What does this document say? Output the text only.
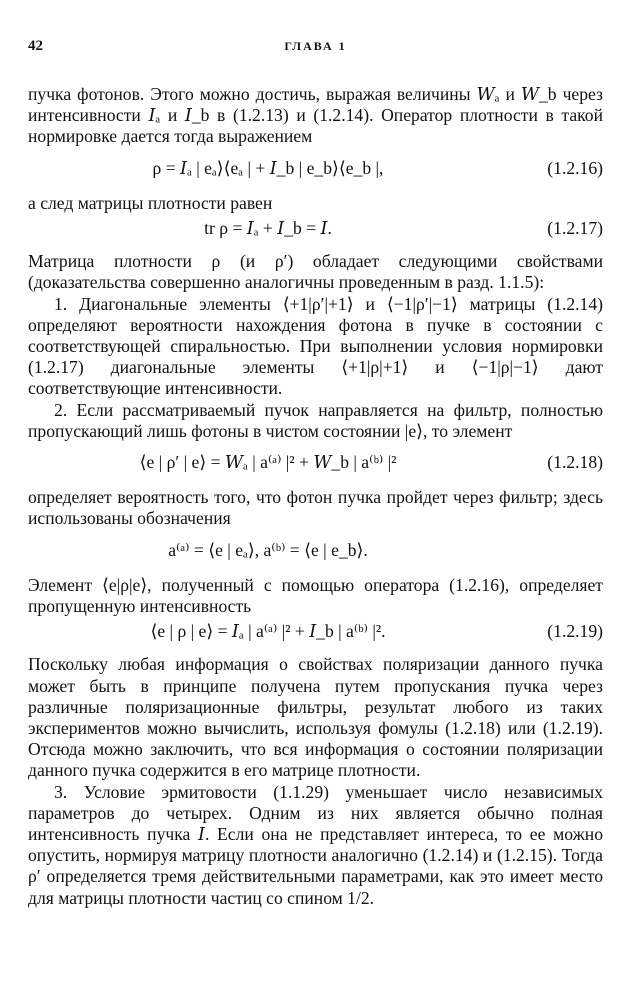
42	ГЛАВА 1

пучка фотонов. Этого можно достичь, выражая величины 𝑊ₐ и 𝑊_b через интенсивности 𝐼ₐ и 𝐼_b в (1.2.13) и (1.2.14). Оператор плотности в такой нормировке дается тогда выражением

ρ = 𝐼ₐ | eₐ⟩⟨eₐ | + 𝐼_b | e_b⟩⟨e_b |,	(1.2.16)

а след матрицы плотности равен

tr ρ = 𝐼ₐ + 𝐼_b = 𝐼.	(1.2.17)

Матрица плотности ρ (и ρ′) обладает следующими свойствами (доказательства совершенно аналогичны проведенным в разд. 1.1.5):

1. Диагональные элементы ⟨+1|ρ′|+1⟩ и ⟨−1|ρ′|−1⟩ матрицы (1.2.14) определяют вероятности нахождения фотона в пучке в состоянии с соответствующей спиральностью. При выполнении условия нормировки (1.2.17) диагональные элементы ⟨+1|ρ|+1⟩ и ⟨−1|ρ|−1⟩ дают соответствующие интенсивности.

2. Если рассматриваемый пучок направляется на фильтр, полностью пропускающий лишь фотоны в чистом состоянии |e⟩, то элемент

⟨e | ρ′ | e⟩ = 𝑊ₐ | a⁽ᵃ⁾ |² + 𝑊_b | a⁽ᵇ⁾ |²	(1.2.18)

определяет вероятность того, что фотон пучка пройдет через фильтр; здесь использованы обозначения

a⁽ᵃ⁾ = ⟨e | eₐ⟩, a⁽ᵇ⁾ = ⟨e | e_b⟩.

Элемент ⟨e|ρ|e⟩, полученный с помощью оператора (1.2.16), определяет пропущенную интенсивность

⟨e | ρ | e⟩ = 𝐼ₐ | a⁽ᵃ⁾ |² + 𝐼_b | a⁽ᵇ⁾ |².	(1.2.19)

Поскольку любая информация о свойствах поляризации данного пучка может быть в принципе получена путем пропускания пучка через различные поляризационные фильтры, результат любого из таких экспериментов можно вычислить, используя фомулы (1.2.18) или (1.2.19). Отсюда можно заключить, что вся информация о состоянии поляризации данного пучка содержится в его матрице плотности.

3. Условие эрмитовости (1.1.29) уменьшает число независимых параметров до четырех. Одним из них является обычно полная интенсивность пучка 𝐼. Если она не представляет интереса, то ее можно опустить, нормируя матрицу плотности аналогично (1.2.14) и (1.2.15). Тогда ρ′ определяется тремя действительными параметрами, как это имеет место для матрицы плотности частиц со спином 1/2.
